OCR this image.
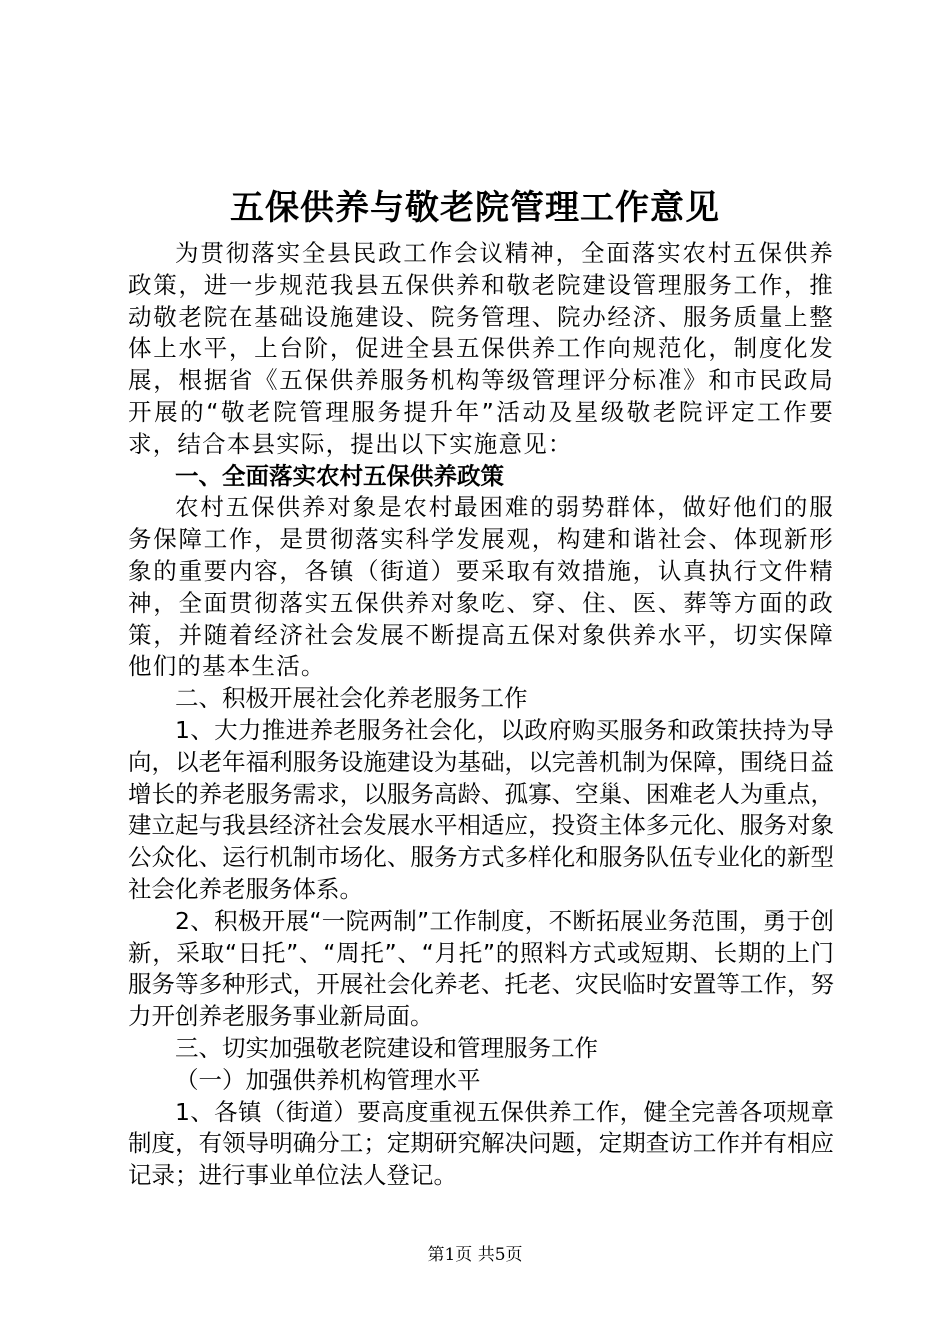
五保供养与敬老院管理工作意见

为贯彻落实全县民政工作会议精神，全面落实农村五保供养政策，进一步规范我县五保供养和敬老院建设管理服务工作，推动敬老院在基础设施建设、院务管理、院办经济、服务质量上整体上水平，上台阶，促进全县五保供养工作向规范化，制度化发展，根据省《五保供养服务机构等级管理评分标准》和市民政局开展的“敬老院管理服务提升年”活动及星级敬老院评定工作要求，结合本县实际，提出以下实施意见：

一、全面落实农村五保供养政策

农村五保供养对象是农村最困难的弱势群体，做好他们的服务保障工作，是贯彻落实科学发展观，构建和谐社会、体现新形象的重要内容，各镇（街道）要采取有效措施，认真执行文件精神，全面贯彻落实五保供养对象吃、穿、住、医、葬等方面的政策，并随着经济社会发展不断提高五保对象供养水平，切实保障他们的基本生活。

二、积极开展社会化养老服务工作

1、大力推进养老服务社会化，以政府购买服务和政策扶持为导向，以老年福利服务设施建设为基础，以完善机制为保障，围绕日益增长的养老服务需求，以服务高龄、孤寡、空巢、困难老人为重点，建立起与我县经济社会发展水平相适应，投资主体多元化、服务对象公众化、运行机制市场化、服务方式多样化和服务队伍专业化的新型社会化养老服务体系。

2、积极开展“一院两制”工作制度，不断拓展业务范围，勇于创新，采取“日托”、“周托”、“月托”的照料方式或短期、长期的上门服务等多种形式，开展社会化养老、托老、灾民临时安置等工作，努力开创养老服务事业新局面。

三、切实加强敬老院建设和管理服务工作

（一）加强供养机构管理水平

1、各镇（街道）要高度重视五保供养工作，健全完善各项规章制度，有领导明确分工；定期研究解决问题，定期查访工作并有相应记录；进行事业单位法人登记。

第1页 共5页
